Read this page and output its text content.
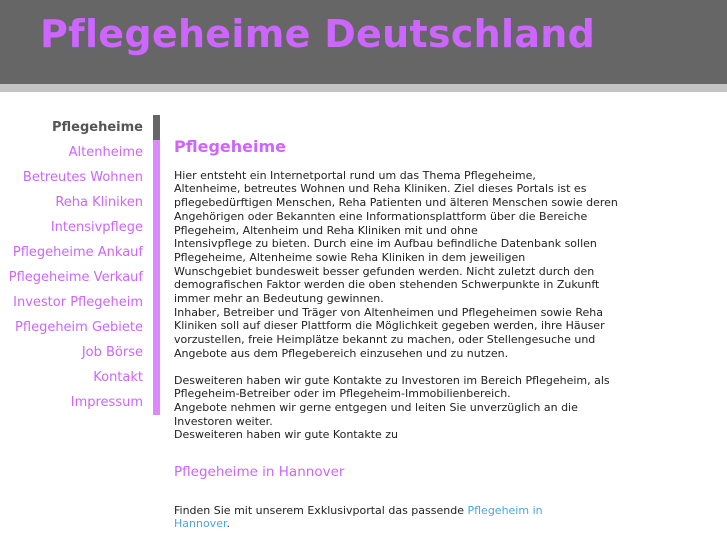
Pflegeheime Deutschland
Pflegeheime
Altenheime
Betreutes Wohnen
Reha Kliniken
Intensivpflege
Pflegeheime Ankauf
Pflegeheime Verkauf
Investor Pflegeheim
Pflegeheim Gebiete
Job Börse
Kontakt
Impressum
Pflegeheime

Hier entsteht ein Internetportal rund um das Thema Pflegeheime,
Altenheime, betreutes Wohnen und Reha Kliniken. Ziel dieses Portals ist es
pflegebedürftigen Menschen, Reha Patienten und älteren Menschen sowie deren
Angehörigen oder Bekannten eine Informationsplattform über die Bereiche
Pflegeheim, Altenheim und Reha Kliniken mit und ohne
Intensivpflege zu bieten. Durch eine im Aufbau befindliche Datenbank sollen
Pflegeheime, Altenheime sowie Reha Kliniken in dem jeweiligen
Wunschgebiet bundesweit besser gefunden werden. Nicht zuletzt durch den
demografischen Faktor werden die oben stehenden Schwerpunkte in Zukunft
immer mehr an Bedeutung gewinnen.
Inhaber, Betreiber und Träger von Altenheimen und Pflegeheimen sowie Reha
Kliniken soll auf dieser Plattform die Möglichkeit gegeben werden, ihre Häuser
vorzustellen, freie Heimplätze bekannt zu machen, oder Stellengesuche und
Angebote aus dem Pflegebereich einzusehen und zu nutzen.

Desweiteren haben wir gute Kontakte zu Investoren im Bereich Pflegeheim, als
Pflegeheim-Betreiber oder im Pflegeheim-Immobilienbereich.
Angebote nehmen wir gerne entgegen und leiten Sie unverzüglich an die
Investoren weiter.
Desweiteren haben wir gute Kontakte zu

Pflegeheime in Hannover

Finden Sie mit unserem Exklusivportal das passende Pflegeheim in Hannover.
